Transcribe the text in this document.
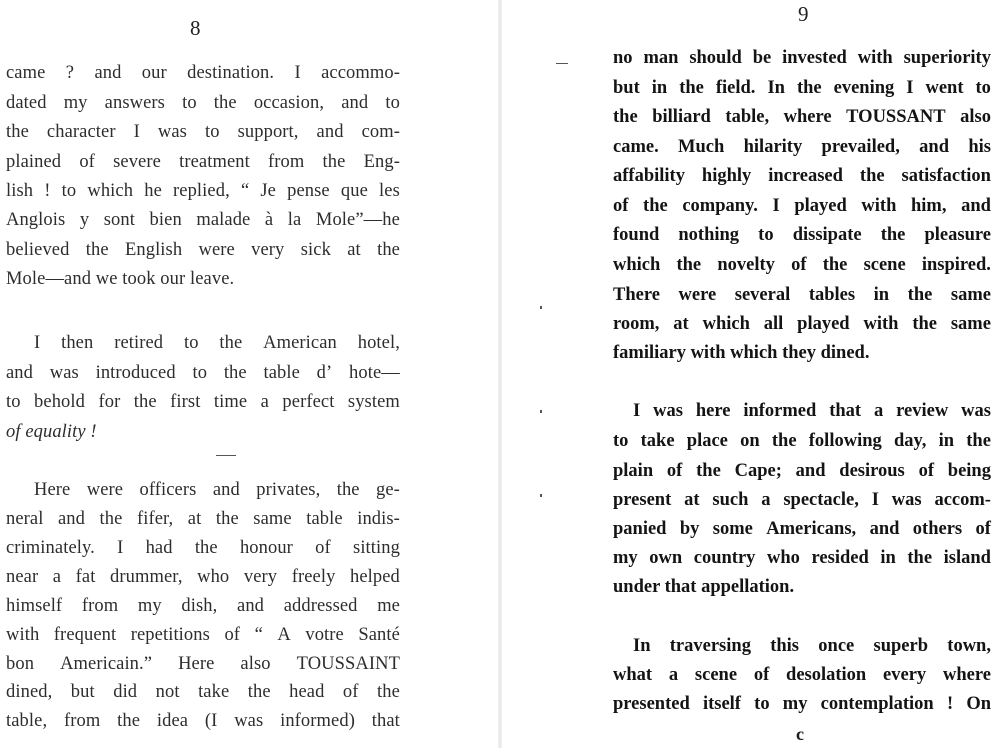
8
came ? and our destination. I accommo-
dated my answers to the occasion, and to
the character I was to support, and com-
plained of severe treatment from the Eng-
lish ! to which he replied, “ Je pense que les
Anglois y sont bien malade à la Mole”—he
believed the English were very sick at the
Mole—and we took our leave.
I then retired to the American hotel,
and was introduced to the table d’ hote—
to behold for the first time a perfect system
of equality !
Here were officers and privates, the ge-
neral and the fifer, at the same table indis-
criminately. I had the honour of sitting
near a fat drummer, who very freely helped
himself from my dish, and addressed me
with frequent repetitions of “ A votre Santé
bon Americain.” Here also TOUSSAINT
dined, but did not take the head of the
table, from the idea (I was informed) that
9
no man should be invested with superiority
but in the field. In the evening I went to
the billiard table, where TOUSSANT also
came. Much hilarity prevailed, and his
affability highly increased the satisfaction
of the company. I played with him, and
found nothing to dissipate the pleasure
which the novelty of the scene inspired.
There were several tables in the same
room, at which all played with the same
familiary with which they dined.
I was here informed that a review was
to take place on the following day, in the
plain of the Cape; and desirous of being
present at such a spectacle, I was accom-
panied by some Americans, and others of
my own country who resided in the island
under that appellation.
In traversing this once superb town,
what a scene of desolation every where
presented itself to my contemplation ! On
c
